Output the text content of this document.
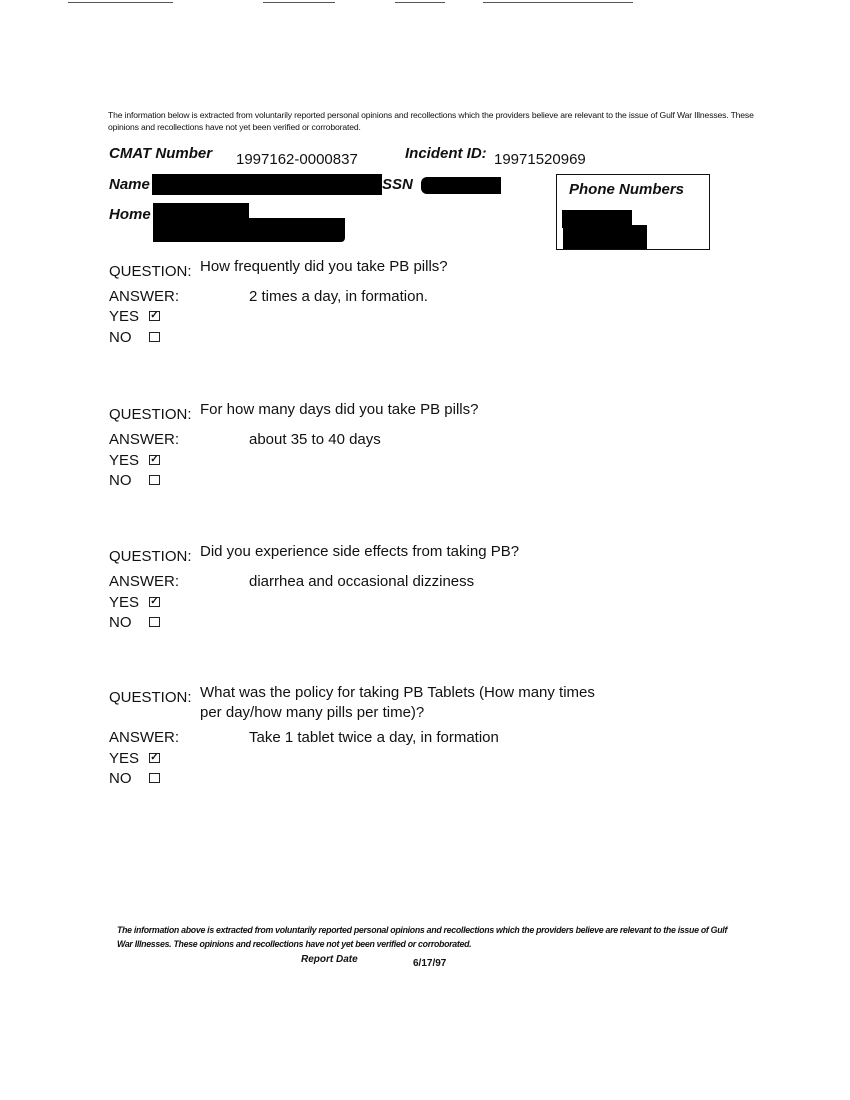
The information below is extracted from voluntarily reported personal opinions and recollections which the providers believe are relevant to the issue of Gulf War Illnesses. These opinions and recollections have not yet been verified or corroborated.
CMAT Number 1997162-0000837	Incident ID: 19971520969
Name	SSN
Home
Phone Numbers
QUESTION: How frequently did you take PB pills?
ANSWER:	2 times a day, in formation.
YES ✓
NO
QUESTION: For how many days did you take PB pills?
ANSWER:	about 35 to 40 days
YES ✓
NO
QUESTION: Did you experience side effects from taking PB?
ANSWER:	diarrhea and occasional dizziness
YES ✓
NO
QUESTION: What was the policy for taking PB Tablets (How many times
per day/how many pills per time)?
ANSWER:	Take 1 tablet twice a day, in formation
YES ✓
NO
The information above is extracted from voluntarily reported personal opinions and recollections which the providers believe are relevant to the issue of Gulf War Illnesses. These opinions and recollections have not yet been verified or corroborated.
Report Date	6/17/97
